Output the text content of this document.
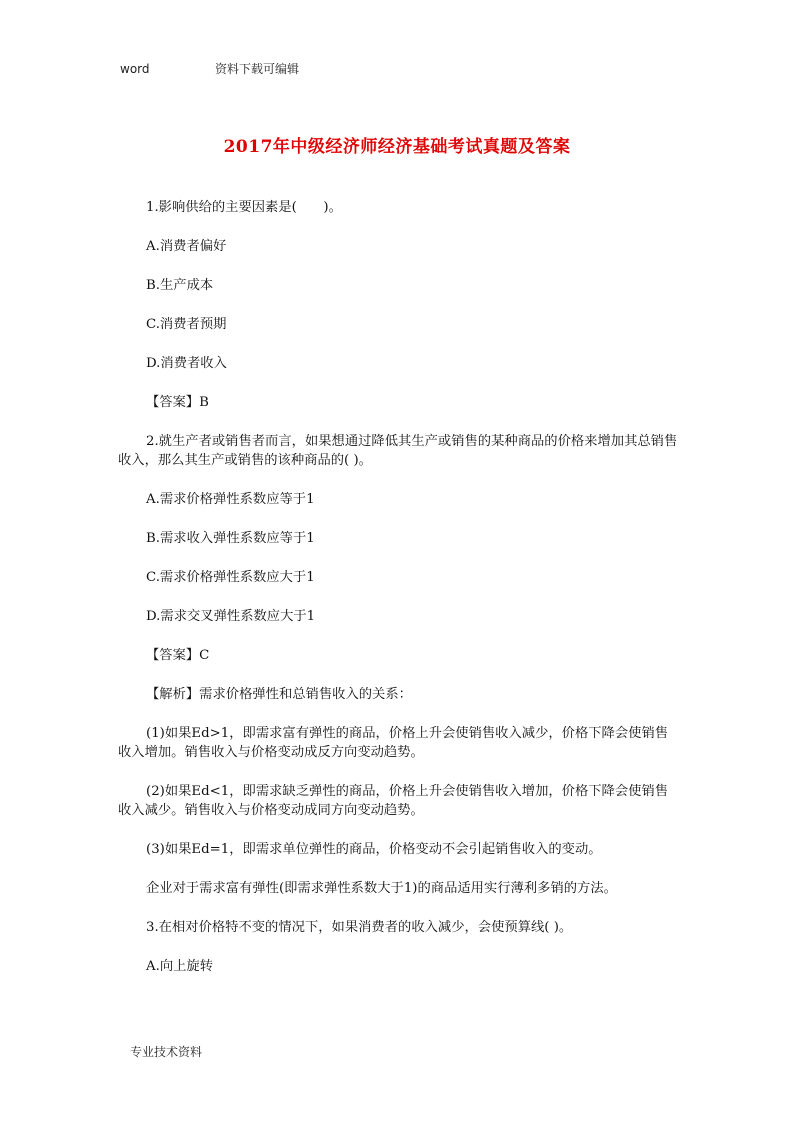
word	资料下载可编辑
2017年中级经济师经济基础考试真题及答案

1.影响供给的主要因素是(　　)。

A.消费者偏好

B.生产成本

C.消费者预期

D.消费者收入

【答案】B

2.就生产者或销售者而言，如果想通过降低其生产或销售的某种商品的价格来增加其总销售收入，那么其生产或销售的该种商品的( )。

A.需求价格弹性系数应等于1

B.需求收入弹性系数应等于1

C.需求价格弹性系数应大于1

D.需求交叉弹性系数应大于1

【答案】C

【解析】需求价格弹性和总销售收入的关系：

(1)如果Ed>1，即需求富有弹性的商品，价格上升会使销售收入减少，价格下降会使销售收入增加。销售收入与价格变动成反方向变动趋势。

(2)如果Ed<1，即需求缺乏弹性的商品，价格上升会使销售收入增加，价格下降会使销售收入减少。销售收入与价格变动成同方向变动趋势。

(3)如果Ed=1，即需求单位弹性的商品，价格变动不会引起销售收入的变动。

企业对于需求富有弹性(即需求弹性系数大于1)的商品适用实行薄利多销的方法。

3.在相对价格特不变的情况下，如果消费者的收入减少，会使预算线( )。

A.向上旋转

专业技术资料
